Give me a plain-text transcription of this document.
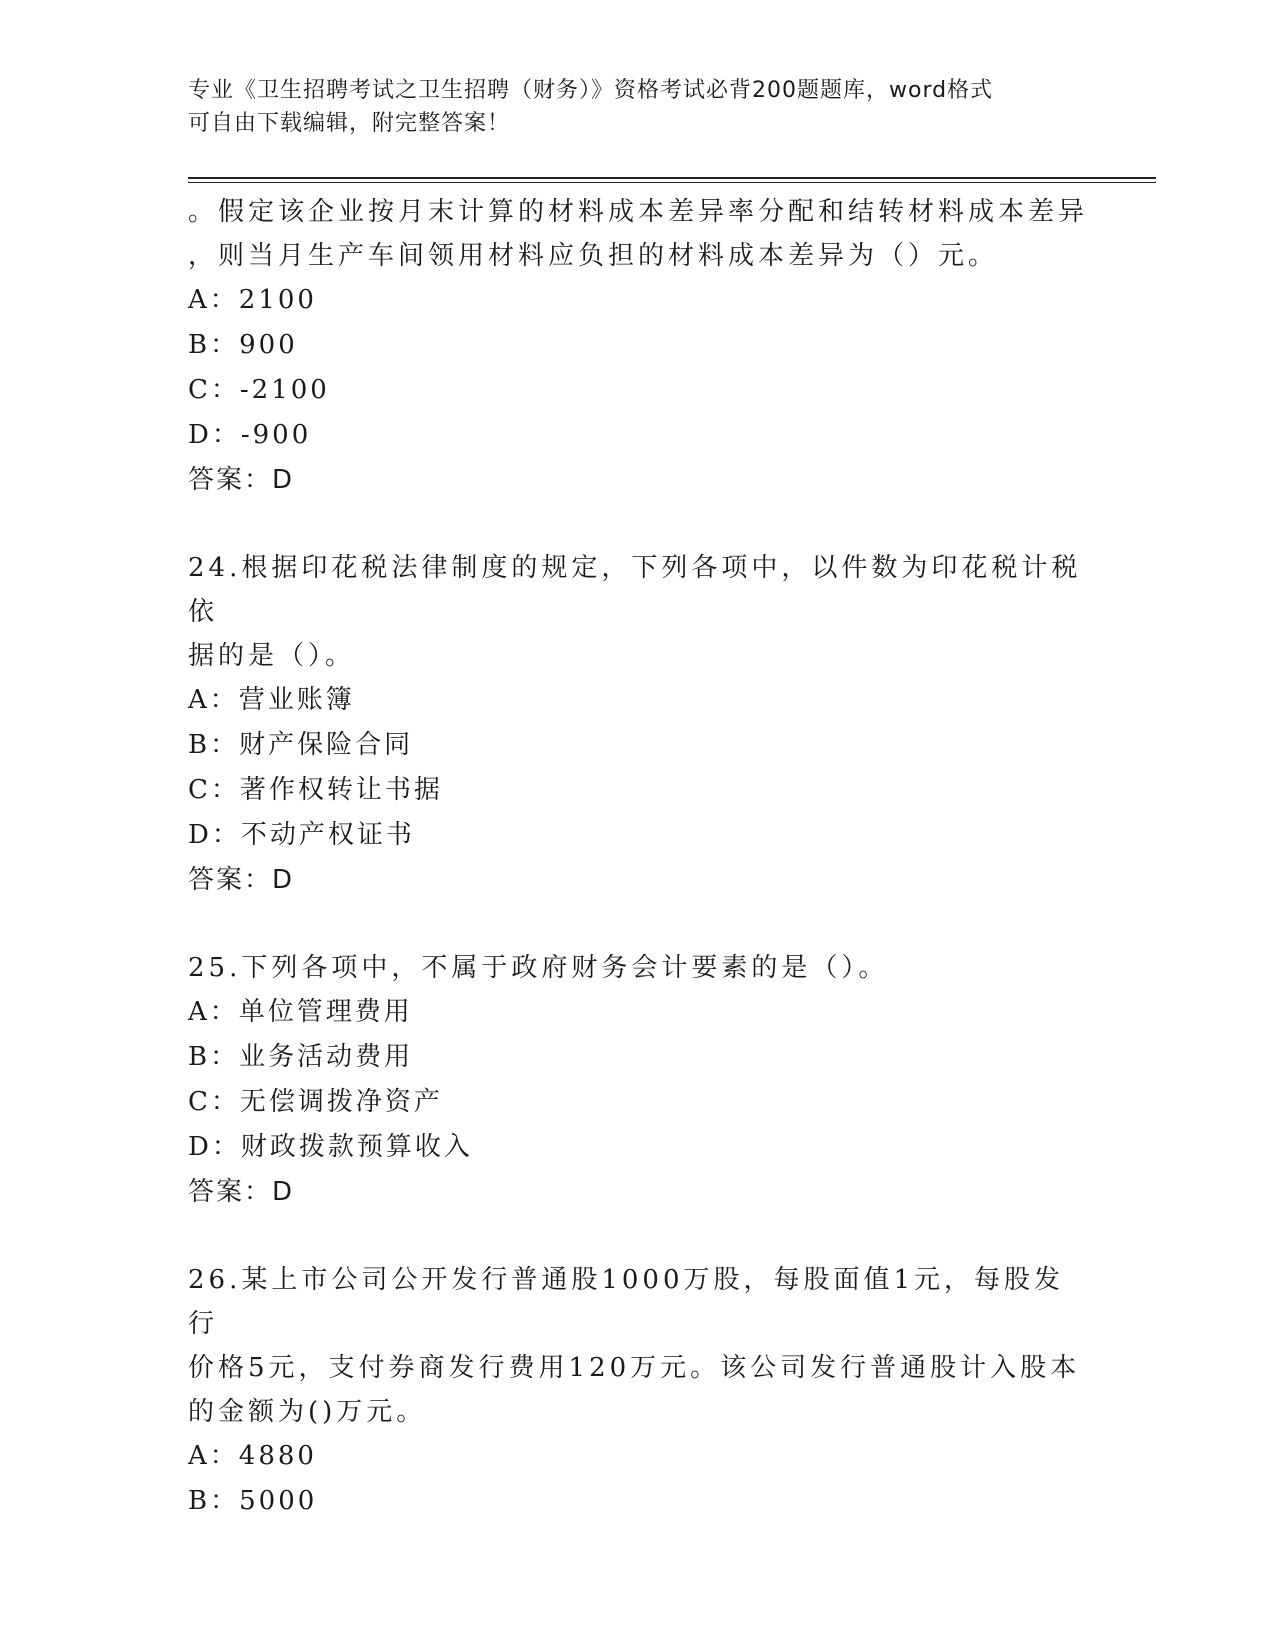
专业《卫生招聘考试之卫生招聘（财务）》资格考试必背200题题库，word格式
可自由下载编辑，附完整答案！

。假定该企业按月末计算的材料成本差异率分配和结转材料成本差异

，则当月生产车间领用材料应负担的材料成本差异为（）元。

A：2100

B：900

C：-2100

D：-900

答案：D

24.根据印花税法律制度的规定，下列各项中，以件数为印花税计税依

据的是（）。

A：营业账簿

B：财产保险合同

C：著作权转让书据

D：不动产权证书

答案：D

25.下列各项中，不属于政府财务会计要素的是（）。

A：单位管理费用

B：业务活动费用

C：无偿调拨净资产

D：财政拨款预算收入

答案：D

26.某上市公司公开发行普通股1000万股，每股面值1元，每股发行

价格5元，支付券商发行费用120万元。该公司发行普通股计入股本

的金额为()万元。

A：4880

B：5000
